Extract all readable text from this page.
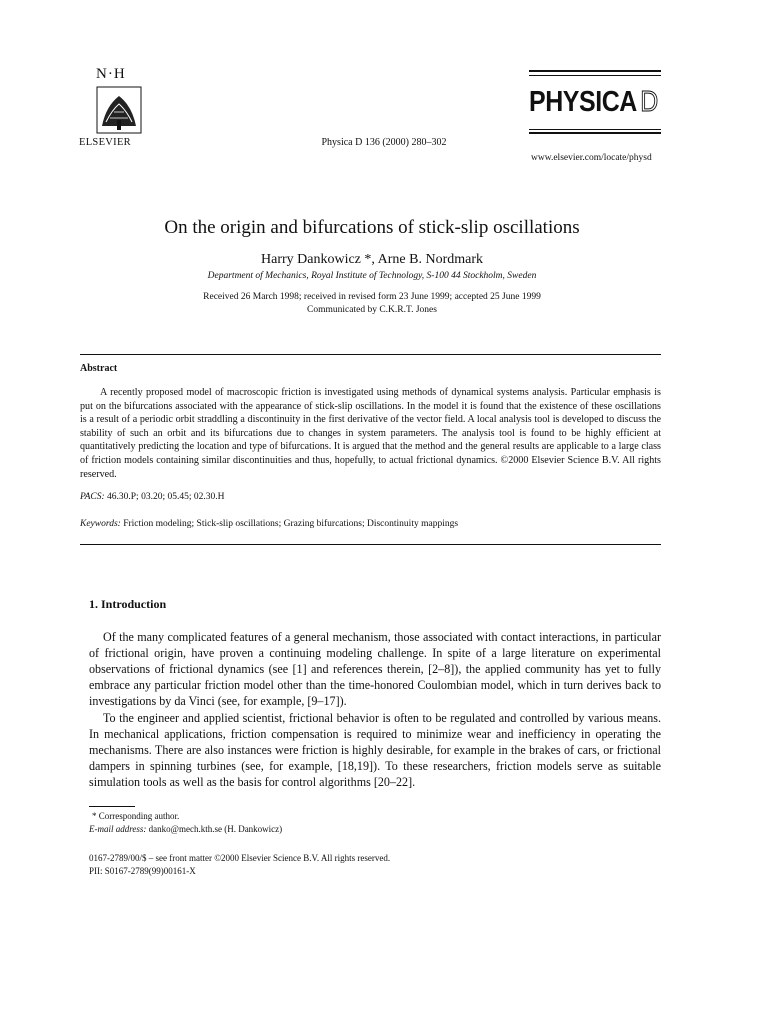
N·H
ELSEVIER	Physica D 136 (2000) 280–302
PHYSICA D
www.elsevier.com/locate/physd
On the origin and bifurcations of stick-slip oscillations
Harry Dankowicz *, Arne B. Nordmark
Department of Mechanics, Royal Institute of Technology, S-100 44 Stockholm, Sweden
Received 26 March 1998; received in revised form 23 June 1999; accepted 25 June 1999
Communicated by C.K.R.T. Jones
Abstract
A recently proposed model of macroscopic friction is investigated using methods of dynamical systems analysis. Particular emphasis is put on the bifurcations associated with the appearance of stick-slip oscillations. In the model it is found that the existence of these oscillations is a result of a periodic orbit straddling a discontinuity in the first derivative of the vector field. A local analysis tool is developed to discuss the stability of such an orbit and its bifurcations due to changes in system parameters. The analysis tool is found to be highly efficient at quantitatively predicting the location and type of bifurcations. It is argued that the method and the general results are applicable to a large class of friction models containing similar discontinuities and thus, hopefully, to actual frictional dynamics. ©2000 Elsevier Science B.V. All rights reserved.
PACS: 46.30.P; 03.20; 05.45; 02.30.H
Keywords: Friction modeling; Stick-slip oscillations; Grazing bifurcations; Discontinuity mappings
1. Introduction
Of the many complicated features of a general mechanism, those associated with contact interactions, in particular of frictional origin, have proven a continuing modeling challenge. In spite of a large literature on experimental observations of frictional dynamics (see [1] and references therein, [2–8]), the applied community has yet to fully embrace any particular friction model other than the time-honored Coulombian model, which in turn derives back to investigations by da Vinci (see, for example, [9–17]).
To the engineer and applied scientist, frictional behavior is often to be regulated and controlled by various means. In mechanical applications, friction compensation is required to minimize wear and inefficiency in operating the mechanisms. There are also instances were friction is highly desirable, for example in the brakes of cars, or frictional dampers in spinning turbines (see, for example, [18,19]). To these researchers, friction models serve as suitable simulation tools as well as the basis for control algorithms [20–22].
* Corresponding author.
E-mail address: danko@mech.kth.se (H. Dankowicz)
0167-2789/00/$ – see front matter ©2000 Elsevier Science B.V. All rights reserved.
PII: S0167-2789(99)00161-X
